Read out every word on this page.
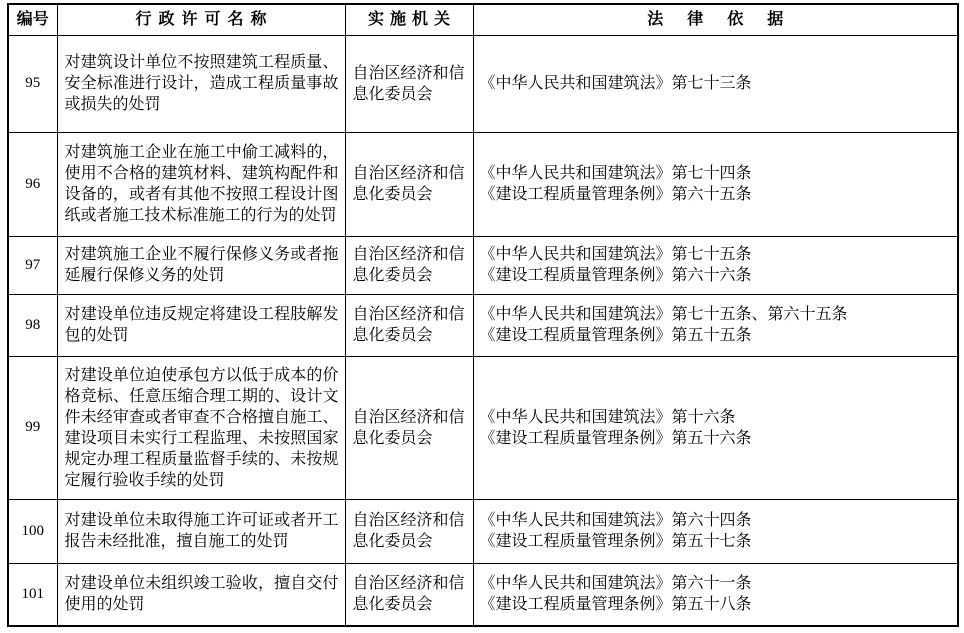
编号	行政许可名称	实施机关	法律依据
95	对建筑设计单位不按照建筑工程质量、安全标准进行设计，造成工程质量事故或损失的处罚	自治区经济和信息化委员会	《中华人民共和国建筑法》第七十三条

96	对建筑施工企业在施工中偷工减料的，使用不合格的建筑材料、建筑构配件和设备的，或者有其他不按照工程设计图纸或者施工技术标准施工的行为的处罚	自治区经济和信息化委员会	《中华人民共和国建筑法》第七十四条
《建设工程质量管理条例》第六十五条

97	对建筑施工企业不履行保修义务或者拖延履行保修义务的处罚	自治区经济和信息化委员会	《中华人民共和国建筑法》第七十五条
《建设工程质量管理条例》第六十六条

98	对建设单位违反规定将建设工程肢解发包的处罚	自治区经济和信息化委员会	《中华人民共和国建筑法》第七十五条、第六十五条
《建设工程质量管理条例》第五十五条

99	对建设单位迫使承包方以低于成本的价格竞标、任意压缩合理工期的、设计文件未经审查或者审查不合格擅自施工、建设项目未实行工程监理、未按照国家规定办理工程质量监督手续的、未按规定履行验收手续的处罚	自治区经济和信息化委员会	《中华人民共和国建筑法》第十六条
《建设工程质量管理条例》第五十六条

100	对建设单位未取得施工许可证或者开工报告未经批准，擅自施工的处罚	自治区经济和信息化委员会	《中华人民共和国建筑法》第六十四条
《建设工程质量管理条例》第五十七条

101	对建设单位未组织竣工验收，擅自交付使用的处罚	自治区经济和信息化委员会	《中华人民共和国建筑法》第六十一条
《建设工程质量管理条例》第五十八条
